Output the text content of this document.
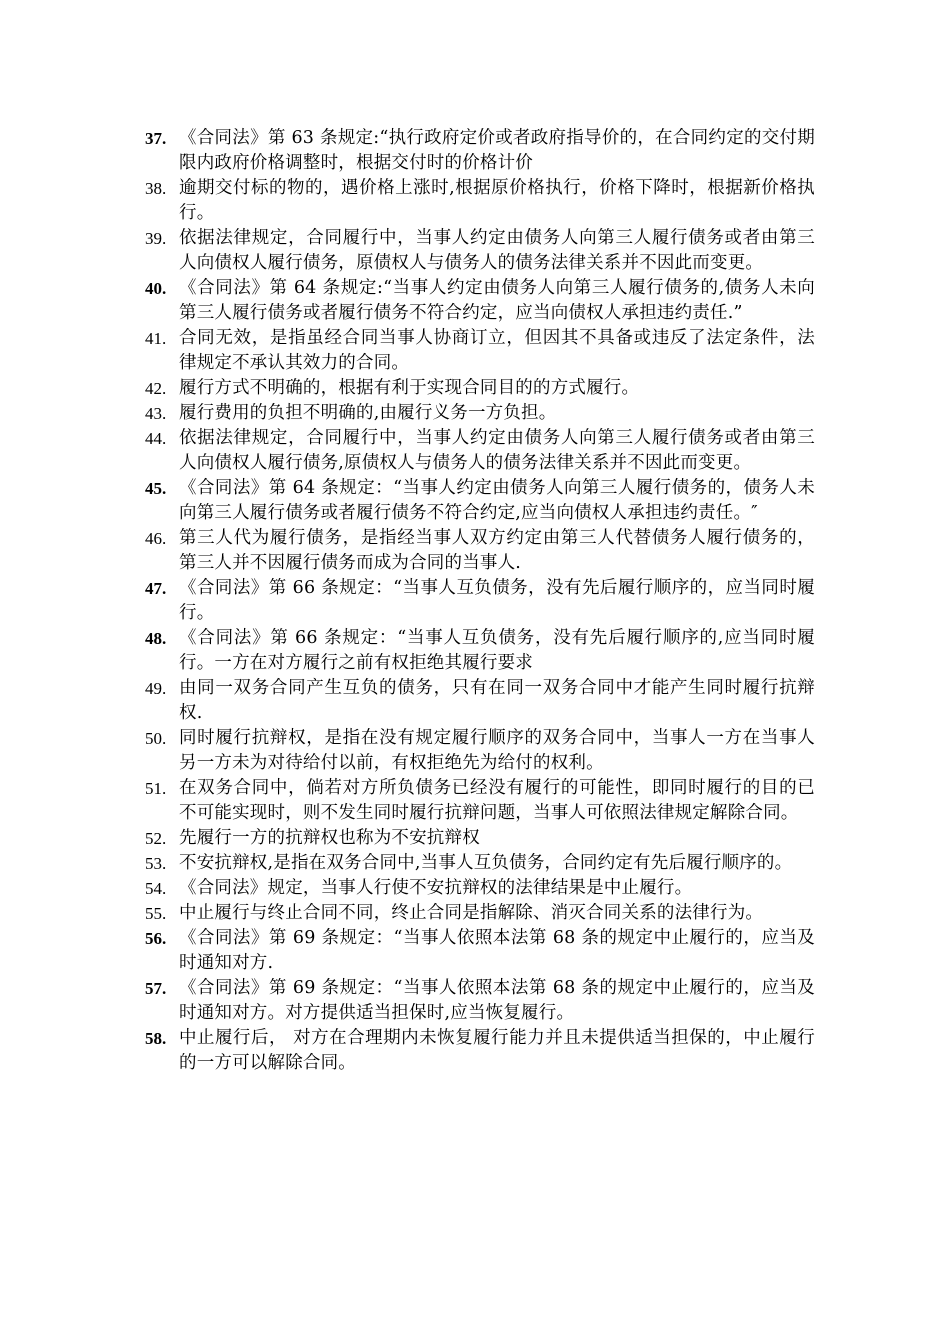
37. 《合同法》第 63 条规定:“执行政府定价或者政府指导价的，在合同约定的交付期限内政府价格调整时，根据交付时的价格计价
38. 逾期交付标的物的，遇价格上涨时,根据原价格执行，价格下降时，根据新价格执行。
39. 依据法律规定，合同履行中，当事人约定由债务人向第三人履行债务或者由第三人向债权人履行债务，原债权人与债务人的债务法律关系并不因此而变更。
40. 《合同法》第 64 条规定:“当事人约定由债务人向第三人履行债务的,债务人未向第三人履行债务或者履行债务不符合约定，应当向债权人承担违约责任.”
41. 合同无效，是指虽经合同当事人协商订立，但因其不具备或违反了法定条件，法律规定不承认其效力的合同。
42. 履行方式不明确的，根据有利于实现合同目的的方式履行。
43. 履行费用的负担不明确的,由履行义务一方负担。
44. 依据法律规定，合同履行中，当事人约定由债务人向第三人履行债务或者由第三人向债权人履行债务,原债权人与债务人的债务法律关系并不因此而变更。
45. 《合同法》第 64 条规定：“当事人约定由债务人向第三人履行债务的，债务人未向第三人履行债务或者履行债务不符合约定,应当向债权人承担违约责任。″
46. 第三人代为履行债务，是指经当事人双方约定由第三人代替债务人履行债务的，第三人并不因履行债务而成为合同的当事人.
47. 《合同法》第 66 条规定：“当事人互负债务，没有先后履行顺序的，应当同时履行。
48. 《合同法》第 66 条规定：“当事人互负债务，没有先后履行顺序的,应当同时履行。一方在对方履行之前有权拒绝其履行要求
49. 由同一双务合同产生互负的债务，只有在同一双务合同中才能产生同时履行抗辩权.
50. 同时履行抗辩权，是指在没有规定履行顺序的双务合同中，当事人一方在当事人另一方未为对待给付以前，有权拒绝先为给付的权利。
51. 在双务合同中，倘若对方所负债务已经没有履行的可能性，即同时履行的目的已不可能实现时，则不发生同时履行抗辩问题，当事人可依照法律规定解除合同。
52. 先履行一方的抗辩权也称为不安抗辩权
53. 不安抗辩权,是指在双务合同中,当事人互负债务，合同约定有先后履行顺序的。
54. 《合同法》规定，当事人行使不安抗辩权的法律结果是中止履行。
55. 中止履行与终止合同不同，终止合同是指解除、消灭合同关系的法律行为。
56. 《合同法》第 69 条规定：“当事人依照本法第 68 条的规定中止履行的，应当及时通知对方.
57. 《合同法》第 69 条规定：“当事人依照本法第 68 条的规定中止履行的，应当及时通知对方。对方提供适当担保时,应当恢复履行。
58. 中止履行后， 对方在合理期内未恢复履行能力并且未提供适当担保的，中止履行的一方可以解除合同。
